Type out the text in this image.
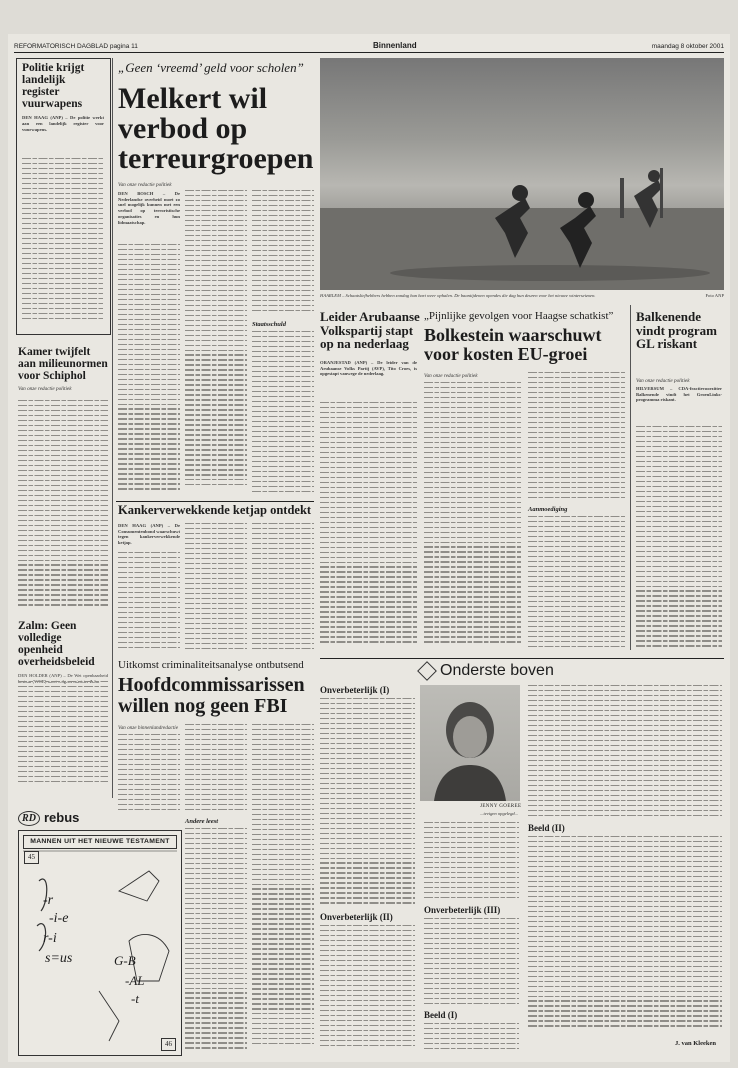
REFORMATORISCH DAGBLAD pagina 11	Binnenland	maandag 8 oktober 2001
Politie krijgt landelijk register vuurwapens
DEN HAAG (ANP) – De politie werkt aan een landelijk register voor vuurwapens.
Kamer twijfelt aan milieunormen voor Schiphol
Van onze redactie politiek
Zalm: Geen volledige openheid overheidsbeleid
DEN HOLDER (ANP) – De Wet openbaarheid
„Geen ‘vreemd’ geld voor scholen”
Melkert wil verbod op terreurgroepen
Van onze redactie politiek
DEN BOSCH – De Nederlandse overheid moet zo snel mogelijk kunnen met een verbod op terroristische organisaties en hun lidmaatschap.
Staatsschuld
Kankerverwekkende ketjap ontdekt
DEN HAAG (ANP) – De Consumentenbond waarschuwt tegen kankerverwekkende ketjap.
Uitkomst criminaliteitsanalyse ontbutsend
Hoofdcommissarissen willen nog geen FBI
Van onze binnenlandredactie
Andere leest
RD rebus
MANNEN UIT HET NIEUWE TESTAMENT
45
46
-r
-i-e
r-i
s=us	G-B
-AL
-t
HAARLEM – Schaatsliefhebbers hebben zondag hun hart weer ophalen. De baantijdenen opendes die dag hun deuren voor het nieuwe winterseizoen.	Foto ANP
Leider Arubaanse Volkspartij stapt op na nederlaag
ORANJESTAD (ANP) – De leider van de Arubaanse Volks Partij (AVP), Tito Croes, is opgestapt vanwege de nederlaag.
„Pijnlijke gevolgen voor Haagse schatkist”
Bolkestein waarschuwt voor kosten EU-groei
Van onze redactie politiek
Aanmoediging
Balkenende vindt program GL riskant
Van onze redactie politiek
HILVERSUM – CDA-fractievoorzitter Balkenende vindt het GroenLinks-programma riskant.
Onderste boven
Onverbeterlijk (I)
Onverbeterlijk (II)
JENNY GOEREE
...tevigen opgelegd...
Onverbeterlijk (III)
Beeld (I)
Beeld (II)
J. van Kleeken
